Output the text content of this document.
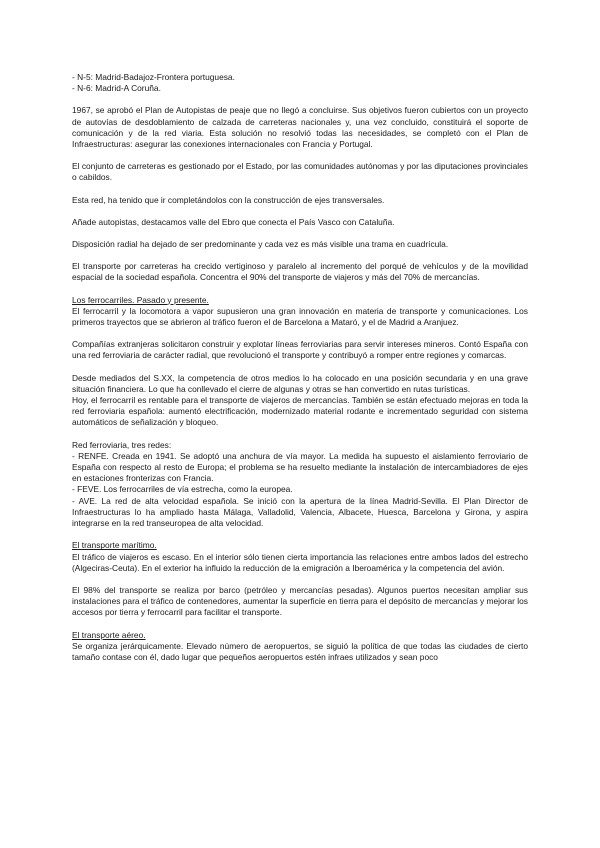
- N-5: Madrid-Badajoz-Frontera portuguesa.

- N-6: Madrid-A Coruña.

1967, se aprobó el Plan de Autopistas de peaje que no llegó a concluirse. Sus objetivos fueron cubiertos con un proyecto de autovías de desdoblamiento de calzada de carreteras nacionales y, una vez concluido, constituirá el soporte de comunicación y de la red viaria. Esta solución no resolvió todas las necesidades, se completó con el Plan de Infraestructuras: asegurar las conexiones internacionales con Francia y Portugal.

El conjunto de carreteras es gestionado por el Estado, por las comunidades autónomas y por las diputaciones provinciales o cabildos.

Esta red, ha tenido que ir completándolos con la construcción de ejes transversales.

Añade autopistas, destacamos valle del Ebro que conecta el País Vasco con Cataluña.

Disposición radial ha dejado de ser predominante y cada vez es más visible una trama en cuadrícula.

El transporte por carreteras ha crecido vertiginoso y paralelo al incremento del porqué de vehículos y de la movilidad espacial de la sociedad española. Concentra el 90% del transporte de viajeros y más del 70% de mercancías.

Los ferrocarriles. Pasado y presente.

El ferrocarril y la locomotora a vapor supusieron una gran innovación en materia de transporte y comunicaciones. Los primeros trayectos que se abrieron al tráfico fueron el de Barcelona a Mataró, y el de Madrid a Aranjuez.

Compañías extranjeras solicitaron construir y explotar líneas ferroviarias para servir intereses mineros. Contó España con una red ferroviaria de carácter radial, que revolucionó el transporte y contribuyó a romper entre regiones y comarcas.

Desde mediados del S.XX, la competencia de otros medios lo ha colocado en una posición secundaria y en una grave situación financiera. Lo que ha conllevado el cierre de algunas y otras se han convertido en rutas turísticas.

Hoy, el ferrocarril es rentable para el transporte de viajeros de mercancías. También se están efectuado mejoras en toda la red ferroviaria española: aumentó electrificación, modernizado material rodante e incrementado seguridad con sistema automáticos de señalización y bloqueo.

Red ferroviaria, tres redes:

- RENFE. Creada en 1941. Se adoptó una anchura de vía mayor. La medida ha supuesto el aislamiento ferroviario de España con respecto al resto de Europa; el problema se ha resuelto mediante la instalación de intercambiadores de ejes en estaciones fronterizas con Francia.

- FEVE. Los ferrocarriles de vía estrecha, como la europea.

- AVE. La red de alta velocidad española. Se inició con la apertura de la línea Madrid-Sevilla. El Plan Director de Infraestructuras lo ha ampliado hasta Málaga, Valladolid, Valencia, Albacete, Huesca, Barcelona y Girona, y aspira integrarse en la red transeuropea de alta velocidad.

El transporte marítimo.

El tráfico de viajeros es escaso. En el interior sólo tienen cierta importancia las relaciones entre ambos lados del estrecho (Algeciras-Ceuta). En el exterior ha influido la reducción de la emigración a Iberoamérica y la competencia del avión.

El 98% del transporte se realiza por barco (petróleo y mercancías pesadas). Algunos puertos necesitan ampliar sus instalaciones para el tráfico de contenedores, aumentar la superficie en tierra para el depósito de mercancías y mejorar los accesos por tierra y ferrocarril para facilitar el transporte.

El transporte aéreo.

Se organiza jerárquicamente. Elevado número de aeropuertos, se siguió la política de que todas las ciudades de cierto tamaño contase con él, dado lugar que pequeños aeropuertos estén infraes utilizados y sean poco
